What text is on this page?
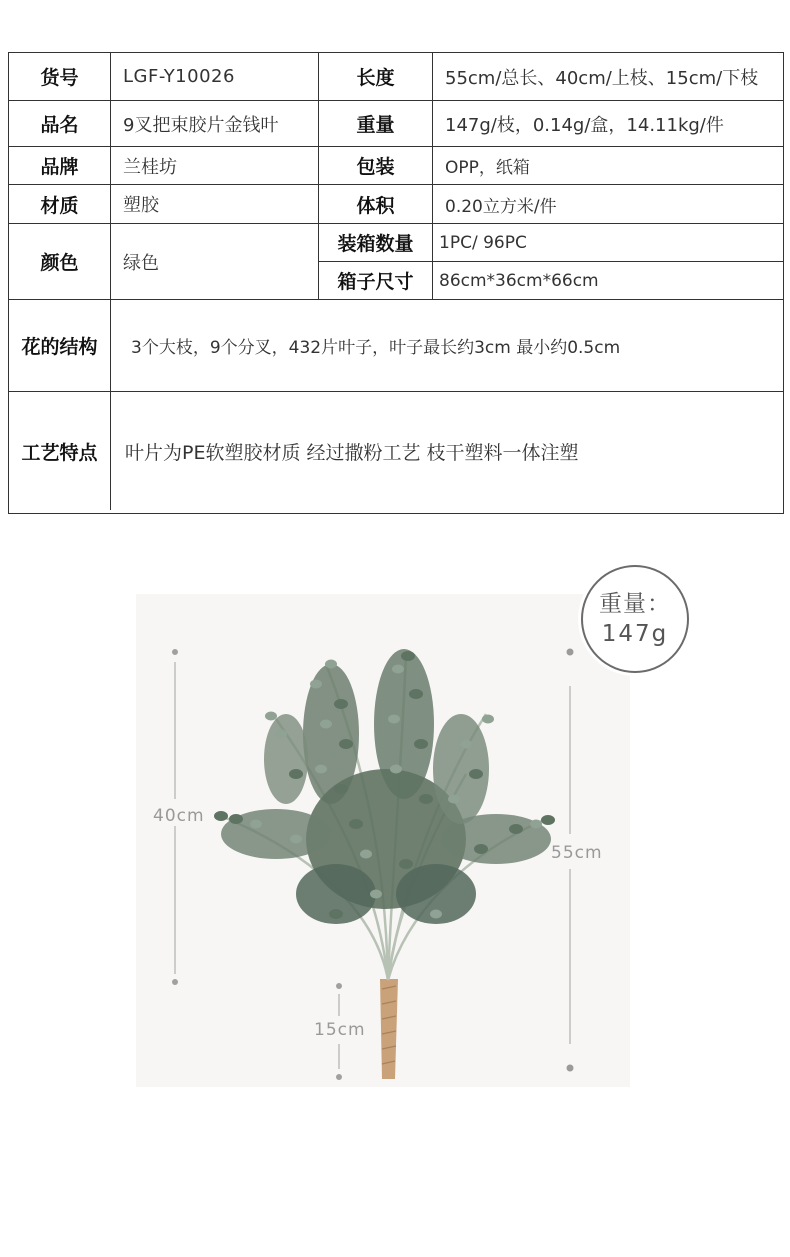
货号	LGF-Y10026	长度	55cm/总长、40cm/上枝、15cm/下枝
品名	9叉把束胶片金钱叶	重量	147g/枝，0.14g/盒，14.11kg/件
品牌	兰桂坊	包装	OPP，纸箱
材质	塑胶	体积	0.20立方米/件
颜色	绿色
装箱数量	1PC/ 96PC
箱子尺寸	86cm*36cm*66cm
花的结构	3个大枝，9个分叉，432片叶子，叶子最长约3cm 最小约0.5cm
工艺特点	叶片为PE软塑胶材质 经过撒粉工艺 枝干塑料一体注塑
40cm
55cm
15cm
重量：
147g
